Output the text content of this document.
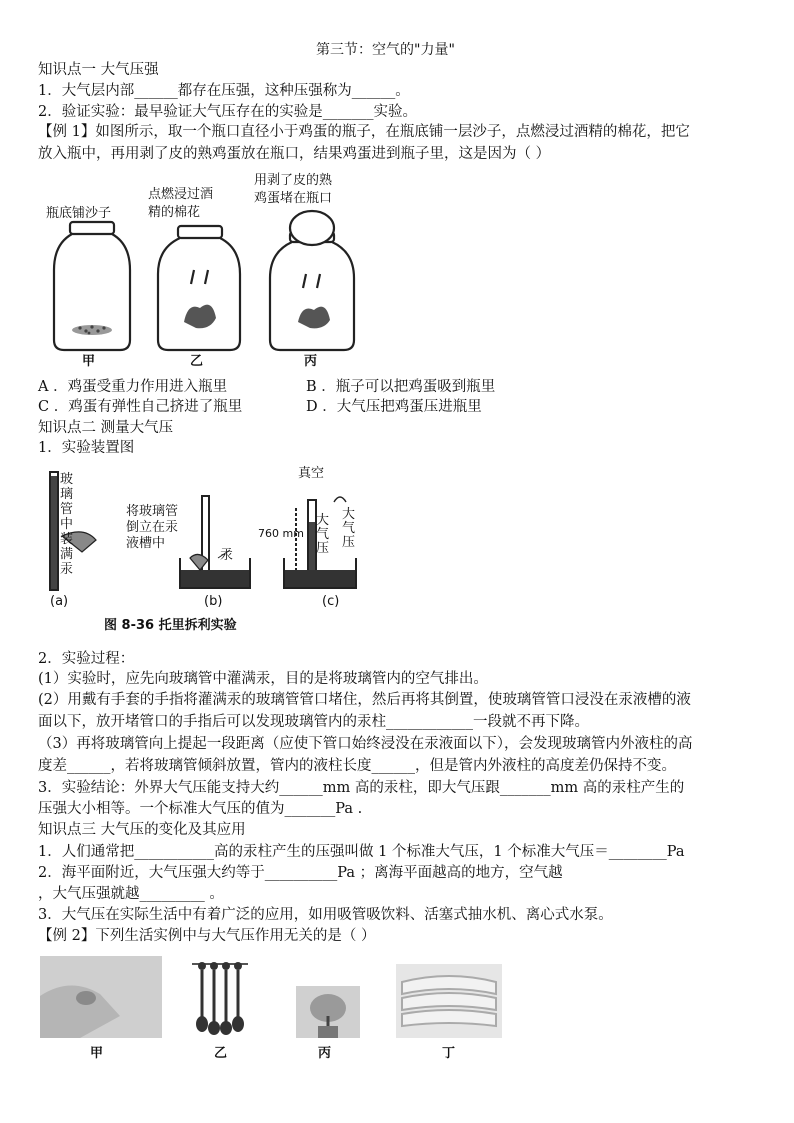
第三节：空气的"力量"
知识点一 大气压强
1．大气层内部______都存在压强，这种压强称为______。
2．验证实验：最早验证大气压存在的实验是_______实验。
【例 1】如图所示，取一个瓶口直径小于鸡蛋的瓶子，在瓶底铺一层沙子，点燃浸过酒精的棉花，把它
放入瓶中，再用剥了皮的熟鸡蛋放在瓶口，结果鸡蛋进到瓶子里，这是因为（ ）
瓶底铺沙子
点燃浸过酒
精的棉花
用剥了皮的熟
鸡蛋堵在瓶口
甲	乙	丙
A ．鸡蛋受重力作用进入瓶里	B ．瓶子可以把鸡蛋吸到瓶里
C ．鸡蛋有弹性自己挤进了瓶里	D ．大气压把鸡蛋压进瓶里
知识点二 测量大气压
1．实验装置图
玻璃管中装满汞
将玻璃管
倒立在汞
液槽中
汞
真空
760 mm
大气压
大气压
(a)	(b)	(c)
图 8-36 托里拆利实验
2．实验过程：
(1）实验时，应先向玻璃管中灌满汞，目的是将玻璃管内的空气排出。
(2）用戴有手套的手指将灌满汞的玻璃管管口堵住，然后再将其倒置，使玻璃管管口浸没在汞液槽的液
面以下，放开堵管口的手指后可以发现玻璃管内的汞柱____________一段就不再下降。
（3）再将玻璃管向上提起一段距离（应使下管口始终浸没在汞液面以下），会发现玻璃管内外液柱的高
度差______，若将玻璃管倾斜放置，管内的液柱长度______，但是管内外液柱的高度差仍保持不变。
3．实验结论：外界大气压能支持大约______mm 高的汞柱，即大气压跟_______mm 高的汞柱产生的
压强大小相等。一个标准大气压的值为_______Pa .
知识点三 大气压的变化及其应用
1．人们通常把___________高的汞柱产生的压强叫做 1 个标准大气压，1 个标准大气压＝________Pa
2．海平面附近，大气压强大约等于__________Pa ；离海平面越高的地方，空气越
，大气压强就越_________ 。
3．大气压在实际生活中有着广泛的应用，如用吸管吸饮料、活塞式抽水机、离心式水泵。
【例 2】下列生活实例中与大气压作用无关的是（ ）
甲	乙	丙	丁
